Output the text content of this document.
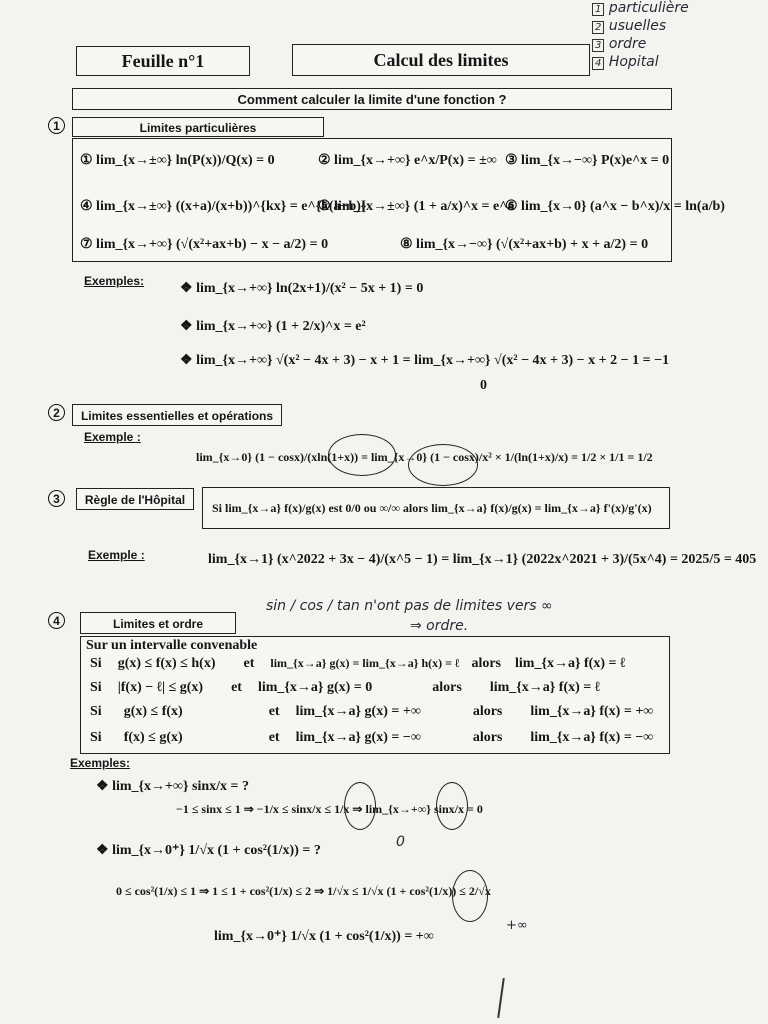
1 particulière
2 usuelles
3 ordre
4 Hopital
Feuille n°1	Calcul des limites
Comment calculer la limite d'une fonction ?
1	Limites particulières
① lim_{x→±∞} ln(P(x))/Q(x) = 0	② lim_{x→+∞} e^x/P(x) = ±∞ ③ lim_{x→−∞} P(x)e^x = 0
④ lim_{x→±∞} ((x+a)/(x+b))^{kx} = e^{k(a−b)}
⑤ lim_{x→±∞} (1 + a/x)^x = e^a
⑥ lim_{x→0} (a^x − b^x)/x = ln(a/b)
⑦ lim_{x→+∞} (√(x²+ax+b) − x − a/2) = 0	⑧ lim_{x→−∞} (√(x²+ax+b) + x + a/2) = 0
Exemples:	❖ lim_{x→+∞} ln(2x+1)/(x² − 5x + 1) = 0
❖ lim_{x→+∞} (1 + 2/x)^x = e²
❖ lim_{x→+∞} √(x² − 4x + 3) − x + 1 = lim_{x→+∞} √(x² − 4x + 3) − x + 2 − 1 = −1
0
2	Limites essentielles et opérations
Exemple :
lim_{x→0} (1 − cosx)/(xln(1+x)) = lim_{x→0} (1 − cosx)/x² × 1/(ln(1+x)/x) = 1/2 × 1/1 = 1/2
3	Règle de l'Hôpital
Si lim_{x→a} f(x)/g(x) est 0/0 ou ∞/∞ alors lim_{x→a} f(x)/g(x) = lim_{x→a} f'(x)/g'(x)
Exemple :	lim_{x→1} (x^2022 + 3x − 4)/(x^5 − 1) = lim_{x→1} (2022x^2021 + 3)/(5x^4) = 2025/5 = 405
4	Limites et ordre
sin / cos / tan n'ont pas de limites vers ∞
⇒ ordre.
Sur un intervalle convenable
Si g(x) ≤ f(x) ≤ h(x) et lim_{x→a} g(x) = lim_{x→a} h(x) = ℓ alors lim_{x→a} f(x) = ℓ
Si |f(x) − ℓ| ≤ g(x) et lim_{x→a} g(x) = 0	alors lim_{x→a} f(x) = ℓ
Si g(x) ≤ f(x)	et lim_{x→a} g(x) = +∞	alors lim_{x→a} f(x) = +∞
Si f(x) ≤ g(x)	et lim_{x→a} g(x) = −∞	alors lim_{x→a} f(x) = −∞
Exemples:
❖ lim_{x→+∞} sinx/x = ?
−1 ≤ sinx ≤ 1 ⇒ −1/x ≤ sinx/x ≤ 1/x ⇒ lim_{x→+∞} sinx/x = 0
0
❖ lim_{x→0⁺} 1/√x (1 + cos²(1/x)) = ?
0 ≤ cos²(1/x) ≤ 1 ⇒ 1 ≤ 1 + cos²(1/x) ≤ 2 ⇒ 1/√x ≤ 1/√x (1 + cos²(1/x)) ≤ 2/√x
+∞
lim_{x→0⁺} 1/√x (1 + cos²(1/x)) = +∞
